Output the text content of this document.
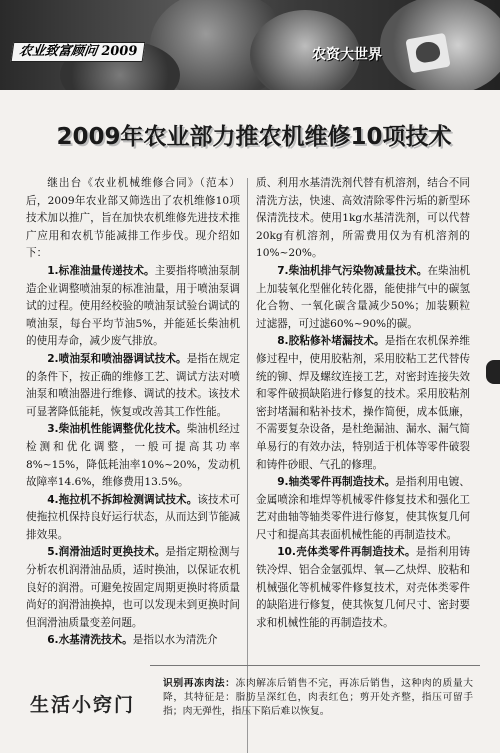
农业致富顾问 2009	农资大世界
2009年农业部力推农机维修10项技术

继出台《农业机械维修合同》（范本）后，2009年农业部又筛选出了农机维修10项技术加以推广，旨在加快农机维修先进技术推广应用和农机节能减排工作步伐。现介绍如下：

1.标准油量传递技术。主要指将喷油泵制造企业调整喷油泵的标准油量，用于喷油泵调试的过程。使用经校验的喷油泵试验台调试的喷油泵，每台平均节油5%，并能延长柴油机的使用寿命，减少废气排放。

2.喷油泵和喷油器调试技术。是指在规定的条件下，按正确的维修工艺、调试方法对喷油泵和喷油器进行维修、调试的技术。该技术可显著降低能耗，恢复或改善其工作性能。

3.柴油机性能调整优化技术。柴油机经过检测和优化调整，一般可提高其功率8%~15%，降低耗油率10%~20%，发动机故障率14.6%，维修费用13.5%。

4.拖拉机不拆卸检测调试技术。该技术可使拖拉机保持良好运行状态，从而达到节能减排效果。

5.润滑油适时更换技术。是指定期检测与分析农机润滑油品质，适时换油，以保证农机良好的润滑。可避免按固定周期更换时将质量尚好的润滑油换掉，也可以发现未到更换时间但润滑油质量变差问题。

6.水基清洗技术。是指以水为清洗介

质、利用水基清洗剂代替有机溶剂，结合不同清洗方法，快速、高效清除零件污垢的新型环保清洗技术。使用1kg水基清洗剂，可以代替20kg有机溶剂，所需费用仅为有机溶剂的10%~20%。

7.柴油机排气污染物减量技术。在柴油机上加装氧化型催化转化器，能使排气中的碳氢化合物、一氧化碳含量减少50%；加装颗粒过滤器，可过滤60%~90%的碳。

8.胶粘修补堵漏技术。是指在农机保养维修过程中，使用胶粘剂，采用胶粘工艺代替传统的铆、焊及螺纹连接工艺，对密封连接失效和零件破损缺陷进行修复的技术。采用胶粘剂密封堵漏和粘补技术，操作简便，成本低廉，不需要复杂设备，是杜绝漏油、漏水、漏气简单易行的有效办法，特别适于机体等零件破裂和铸件砂眼、气孔的修理。

9.轴类零件再制造技术。是指利用电镀、金属喷涂和堆焊等机械零件修复技术和强化工艺对曲轴等轴类零件进行修复，使其恢复几何尺寸和提高其表面机械性能的再制造技术。

10.壳体类零件再制造技术。是指利用铸铁冷焊、铝合金氩弧焊、氧—乙炔焊、胶粘和机械强化等机械零件修复技术，对壳体类零件的缺陷进行修复，使其恢复几何尺寸、密封要求和机械性能的再制造技术。

生活小窍门
识别再冻肉法：冻肉解冻后销售不完，再冻后销售，这种肉的质量大降，其特征是：脂肪呈深红色，肉表红色；剪开处齐整，指压可留手指；肉无弹性，指压下陷后难以恢复。
